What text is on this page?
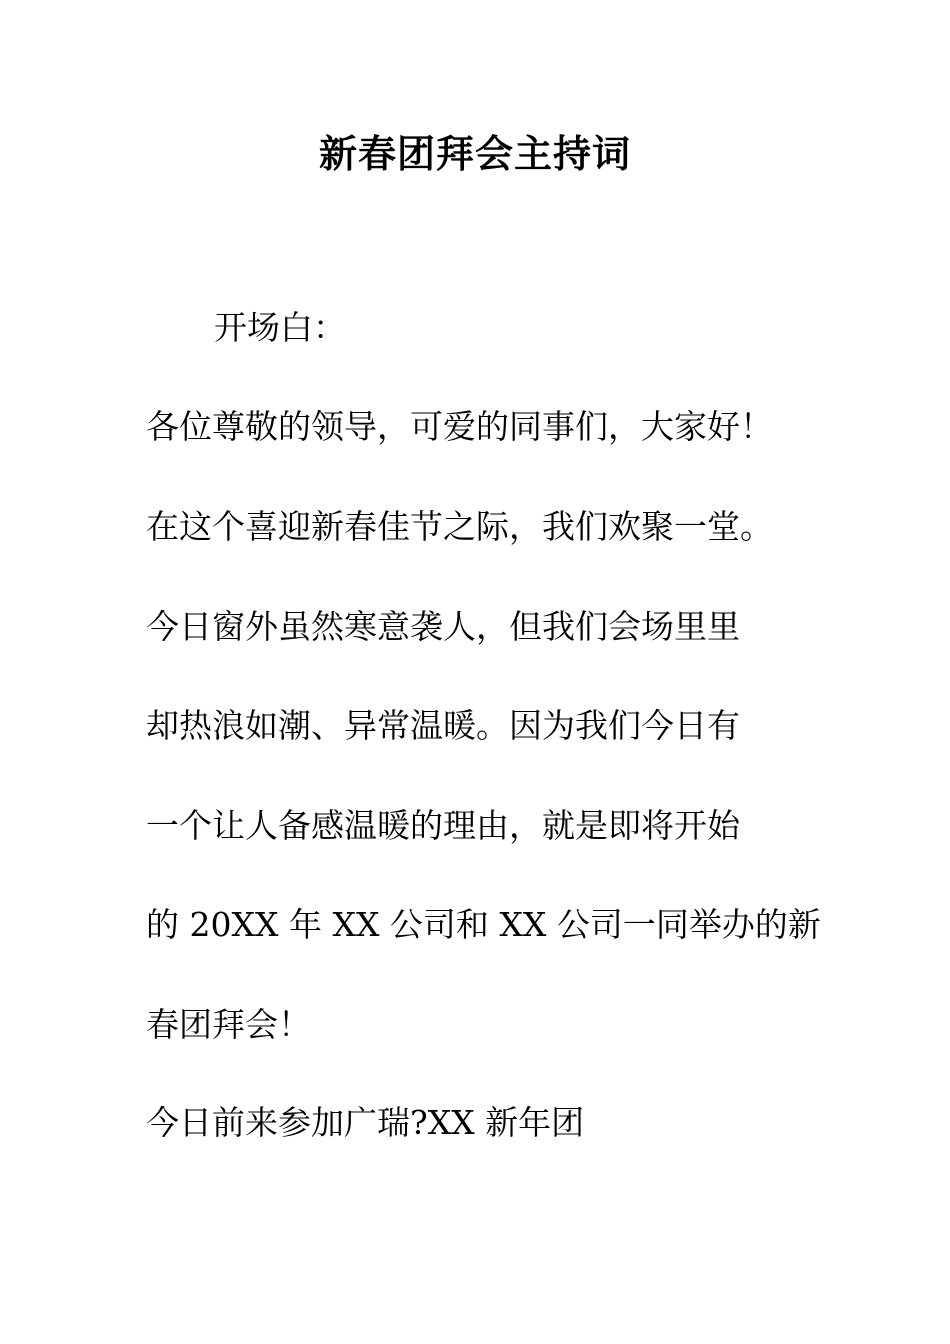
新春团拜会主持词
开场白：
各位尊敬的领导，可爱的同事们，大家好！
在这个喜迎新春佳节之际，我们欢聚一堂。
今日窗外虽然寒意袭人，但我们会场里里
却热浪如潮、异常温暖。因为我们今日有
一个让人备感温暖的理由，就是即将开始
的 20XX 年 XX 公司和 XX 公司一同举办的新
春团拜会！
今日前来参加广瑞?XX 新年团
